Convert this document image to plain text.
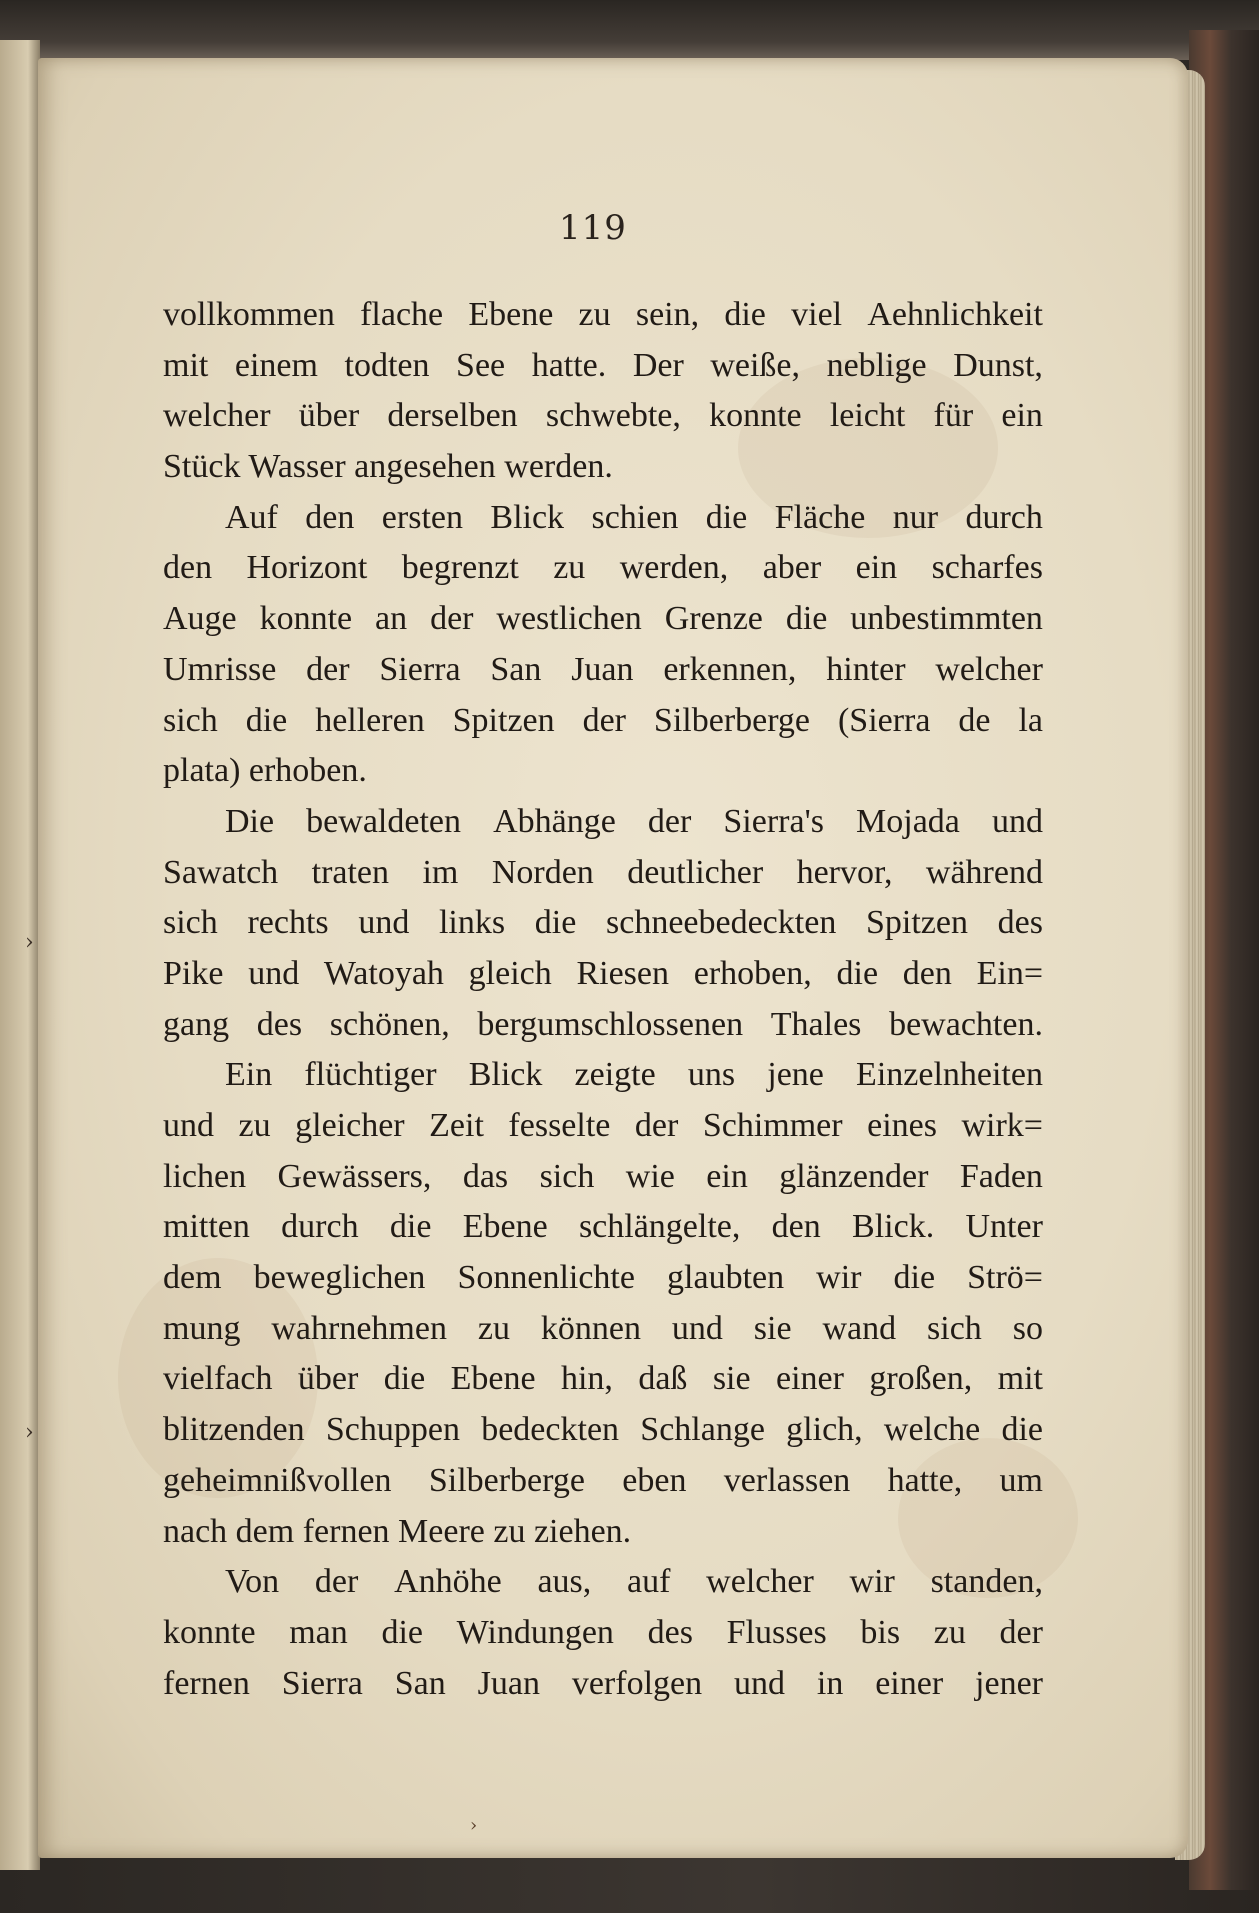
119
vollkommen flache Ebene zu sein, die viel Aehnlichkeit
mit einem todten See hatte. Der weiße, neblige Dunst,
welcher über derselben schwebte, konnte leicht für ein
Stück Wasser angesehen werden.
Auf den ersten Blick schien die Fläche nur durch
den Horizont begrenzt zu werden, aber ein scharfes
Auge konnte an der westlichen Grenze die unbestimmten
Umrisse der Sierra San Juan erkennen, hinter welcher
sich die helleren Spitzen der Silberberge (Sierra de la
plata) erhoben.
Die bewaldeten Abhänge der Sierra's Mojada und
Sawatch traten im Norden deutlicher hervor, während
sich rechts und links die schneebedeckten Spitzen des
Pike und Watoyah gleich Riesen erhoben, die den Ein=
gang des schönen, bergumschlossenen Thales bewachten.
Ein flüchtiger Blick zeigte uns jene Einzelnheiten
und zu gleicher Zeit fesselte der Schimmer eines wirk=
lichen Gewässers, das sich wie ein glänzender Faden
mitten durch die Ebene schlängelte, den Blick. Unter
dem beweglichen Sonnenlichte glaubten wir die Strö=
mung wahrnehmen zu können und sie wand sich so
vielfach über die Ebene hin, daß sie einer großen, mit
blitzenden Schuppen bedeckten Schlange glich, welche die
geheimnißvollen Silberberge eben verlassen hatte, um
nach dem fernen Meere zu ziehen.
Von der Anhöhe aus, auf welcher wir standen,
konnte man die Windungen des Flusses bis zu der
fernen Sierra San Juan verfolgen und in einer jener
›
›
›
